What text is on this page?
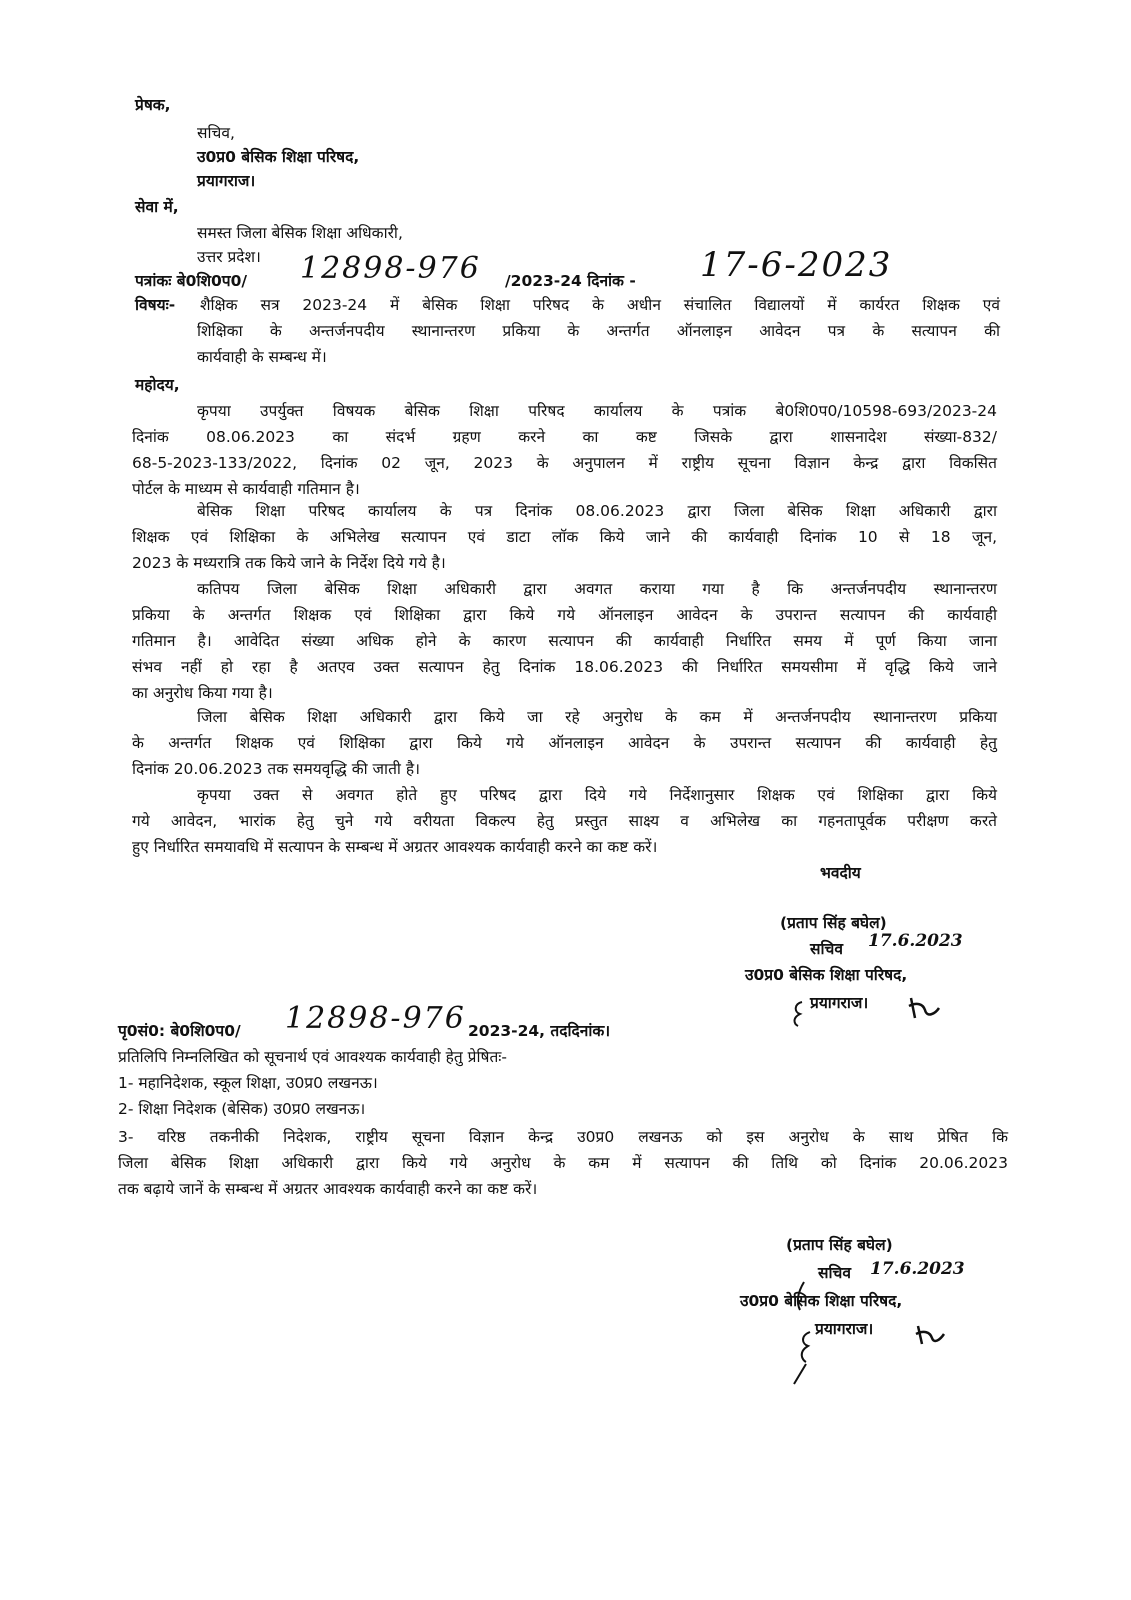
प्रेषक,
सचिव,
उ0प्र0 बेसिक शिक्षा परिषद,
प्रयागराज।
सेवा में,
समस्त जिला बेसिक शिक्षा अधिकारी,
उत्तर प्रदेश।
पत्रांकः बे0शि0प0/ 12898-976 /2023-24 दिनांक - 17-6-2023
विषयः- शैक्षिक सत्र 2023-24 में बेसिक शिक्षा परिषद के अधीन संचालित विद्यालयों में कार्यरत शिक्षक एवं
शिक्षिका के अन्तर्जनपदीय स्थानान्तरण प्रकिया के अन्तर्गत ऑनलाइन आवेदन पत्र के सत्यापन की
कार्यवाही के सम्बन्ध में।
महोदय,
कृपया उपर्युक्त विषयक बेसिक शिक्षा परिषद कार्यालय के पत्रांक बे0शि0प0/10598-693/2023-24
दिनांक 08.06.2023 का संदर्भ ग्रहण करने का कष्ट जिसके द्वारा शासनादेश संख्या-832/
68-5-2023-133/2022, दिनांक 02 जून, 2023 के अनुपालन में राष्ट्रीय सूचना विज्ञान केन्द्र द्वारा विकसित
पोर्टल के माध्यम से कार्यवाही गतिमान है।
बेसिक शिक्षा परिषद कार्यालय के पत्र दिनांक 08.06.2023 द्वारा जिला बेसिक शिक्षा अधिकारी द्वारा
शिक्षक एवं शिक्षिका के अभिलेख सत्यापन एवं डाटा लॉक किये जाने की कार्यवाही दिनांक 10 से 18 जून,
2023 के मध्यरात्रि तक किये जाने के निर्देश दिये गये है।
कतिपय जिला बेसिक शिक्षा अधिकारी द्वारा अवगत कराया गया है कि अन्तर्जनपदीय स्थानान्तरण
प्रकिया के अन्तर्गत शिक्षक एवं शिक्षिका द्वारा किये गये ऑनलाइन आवेदन के उपरान्त सत्यापन की कार्यवाही
गतिमान है। आवेदित संख्या अधिक होने के कारण सत्यापन की कार्यवाही निर्धारित समय में पूर्ण किया जाना
संभव नहीं हो रहा है अतएव उक्त सत्यापन हेतु दिनांक 18.06.2023 की निर्धारित समयसीमा में वृद्धि किये जाने
का अनुरोध किया गया है।
जिला बेसिक शिक्षा अधिकारी द्वारा किये जा रहे अनुरोध के कम में अन्तर्जनपदीय स्थानान्तरण प्रकिया
के अन्तर्गत शिक्षक एवं शिक्षिका द्वारा किये गये ऑनलाइन आवेदन के उपरान्त सत्यापन की कार्यवाही हेतु
दिनांक 20.06.2023 तक समयवृद्धि की जाती है।
कृपया उक्त से अवगत होते हुए परिषद द्वारा दिये गये निर्देशानुसार शिक्षक एवं शिक्षिका द्वारा किये
गये आवेदन, भारांक हेतु चुने गये वरीयता विकल्प हेतु प्रस्तुत साक्ष्य व अभिलेख का गहनतापूर्वक परीक्षण करते
हुए निर्धारित समयावधि में सत्यापन के सम्बन्ध में अग्रतर आवश्यक कार्यवाही करने का कष्ट करें।
भवदीय
(प्रताप सिंह बघेल)
सचिव 17.6.2023
उ0प्र0 बेसिक शिक्षा परिषद,
प्रयागराज।
पृ0सं0: बे0शि0प0/ 12898-976 2023-24, तददिनांक।
प्रतिलिपि निम्नलिखित को सूचनार्थ एवं आवश्यक कार्यवाही हेतु प्रेषितः-
1- महानिदेशक, स्कूल शिक्षा, उ0प्र0 लखनऊ।
2- शिक्षा निदेशक (बेसिक) उ0प्र0 लखनऊ।
3- वरिष्ठ तकनीकी निदेशक, राष्ट्रीय सूचना विज्ञान केन्द्र उ0प्र0 लखनऊ को इस अनुरोध के साथ प्रेषित कि
जिला बेसिक शिक्षा अधिकारी द्वारा किये गये अनुरोध के कम में सत्यापन की तिथि को दिनांक 20.06.2023
तक बढ़ाये जानें के सम्बन्ध में अग्रतर आवश्यक कार्यवाही करने का कष्ट करें।
(प्रताप सिंह बघेल)
सचिव 17.6.2023
उ0प्र0 बेसिक शिक्षा परिषद,
प्रयागराज।
